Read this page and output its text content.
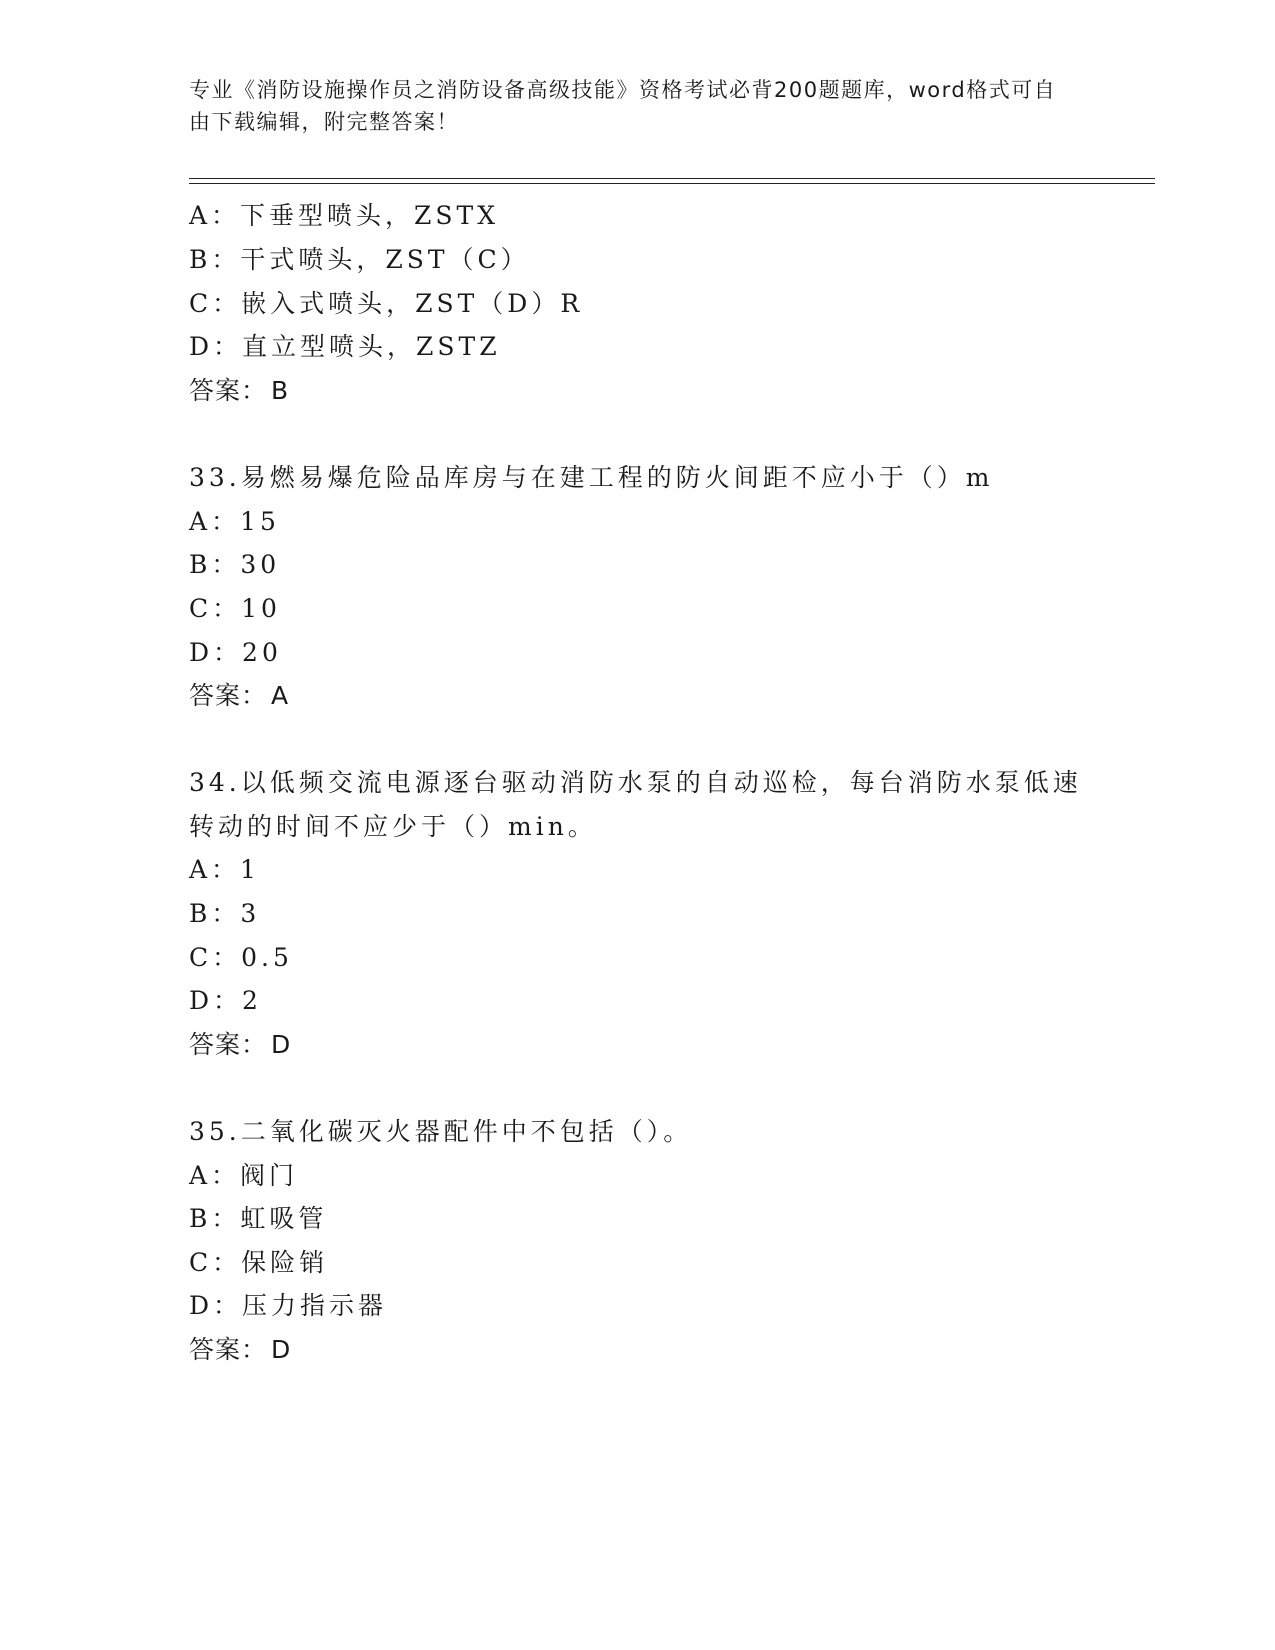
专业《消防设施操作员之消防设备高级技能》资格考试必背200题题库，word格式可自由下载编辑，附完整答案！
A：下垂型喷头，ZSTX
B：干式喷头，ZST（C）
C：嵌入式喷头，ZST（D）R
D：直立型喷头，ZSTZ
答案： B
33.易燃易爆危险品库房与在建工程的防火间距不应小于（）m
A：15
B：30
C：10
D：20
答案： A
34.以低频交流电源逐台驱动消防水泵的自动巡检，每台消防水泵低速
转动的时间不应少于（）min。
A：1
B：3
C：0.5
D：2
答案： D
35.二氧化碳灭火器配件中不包括（）。
A：阀门
B：虹吸管
C：保险销
D：压力指示器
答案： D
